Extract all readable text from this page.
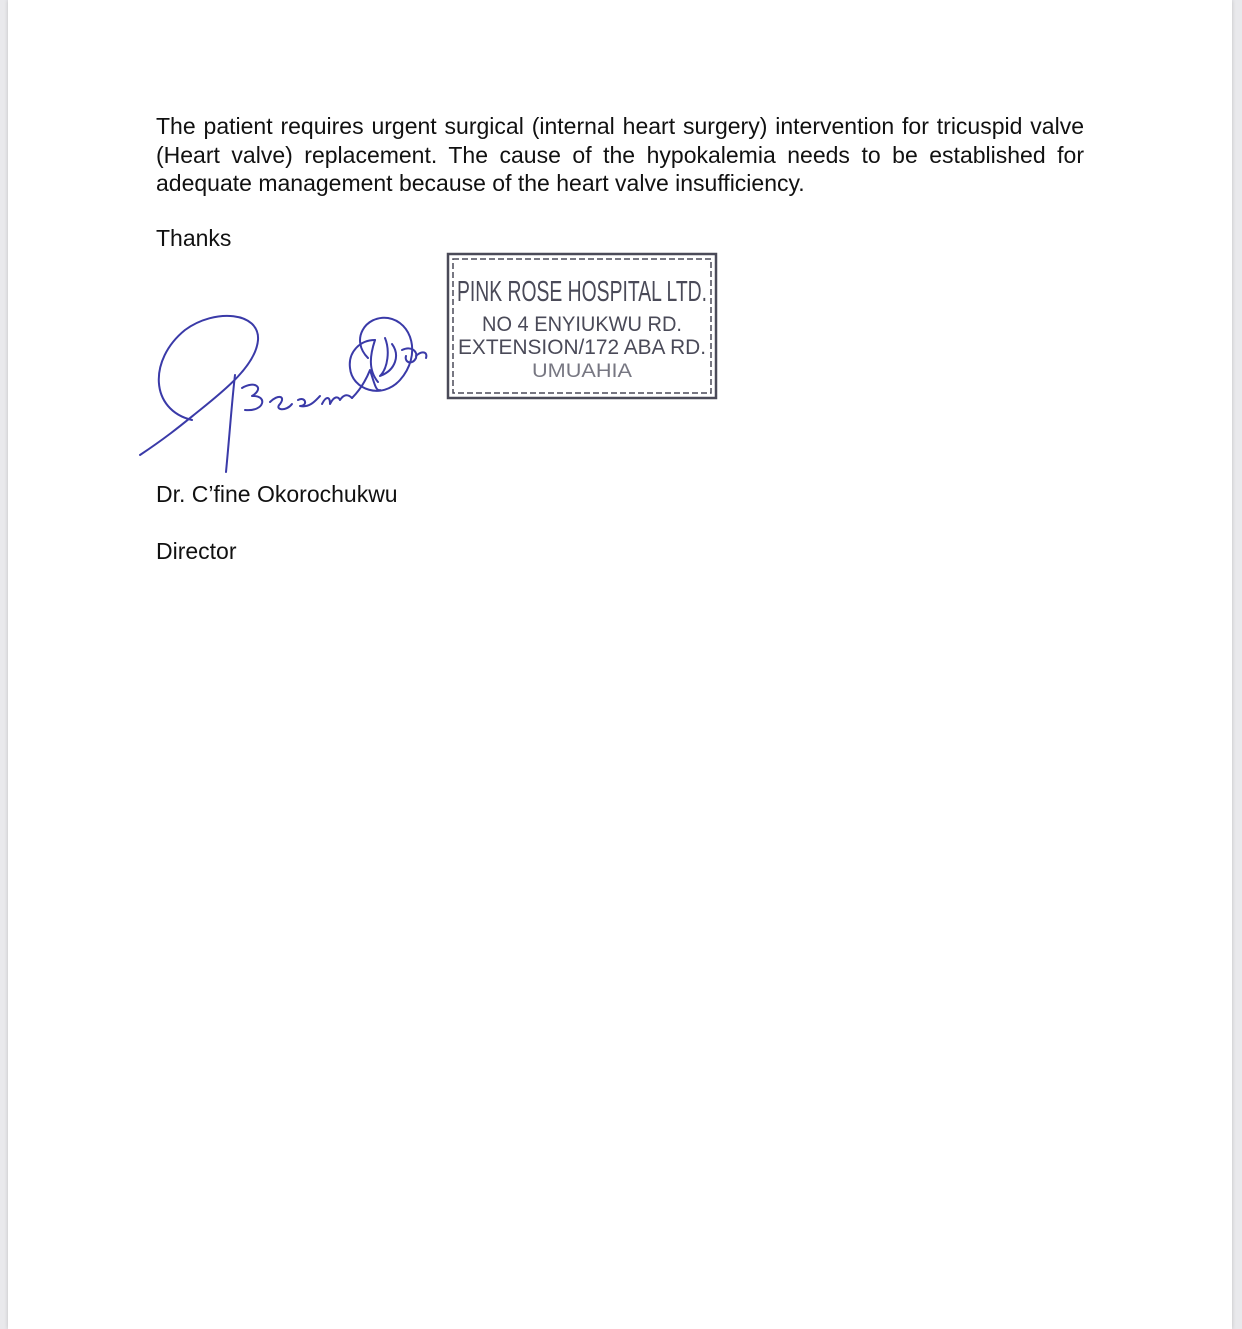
The patient requires urgent surgical (internal heart surgery) intervention for tricuspid valve (Heart valve) replacement. The cause of the hypokalemia needs to be established for adequate management because of the heart valve insufficiency.
Thanks
PINK ROSE HOSPITAL LTD.
NO 4 ENYIUKWU RD.
EXTENSION/172 ABA RD.
UMUAHIA
Dr. C’fine Okorochukwu
Director
